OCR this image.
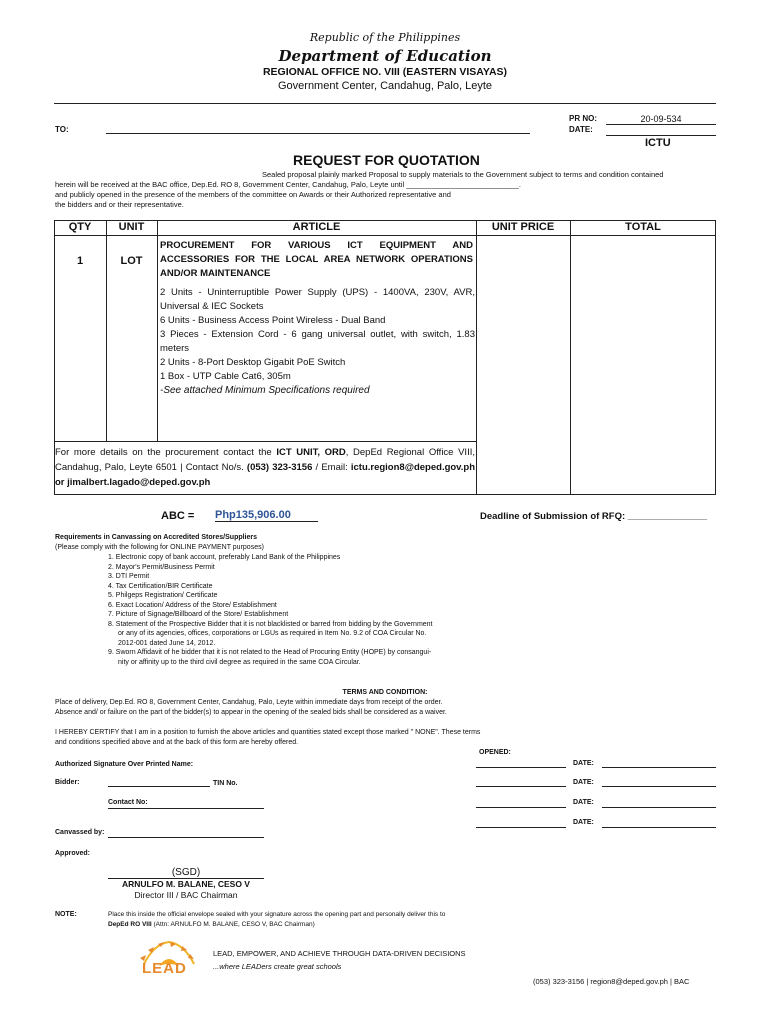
Republic of the Philippines
Department of Education
REGIONAL OFFICE NO. VIII (EASTERN VISAYAS)
Government Center, Candahug, Palo, Leyte
TO:
PR NO:	20-09-534
DATE:
ICTU
REQUEST FOR QUOTATION
Sealed proposal plainly marked Proposal to supply materials to the Government subject to terms and condition contained
herein will be received at the BAC office, Dep.Ed. RO 8, Government Center, Candahug, Palo, Leyte until ___________________________.
and publicly opened in the presence of the members of the committee on Awards or their Authorized representative and
the bidders and or their representative.
QTY	UNIT	ARTICLE	UNIT PRICE	TOTAL
1	LOT
PROCUREMENT FOR VARIOUS ICT EQUIPMENT AND ACCESSORIES FOR THE LOCAL AREA NETWORK OPERATIONS AND/OR MAINTENANCE
2 Units - Uninterruptible Power Supply (UPS) - 1400VA, 230V, AVR, Universal & IEC Sockets
6 Units - Business Access Point Wireless - Dual Band
3 Pieces - Extension Cord - 6 gang universal outlet, with switch, 1.83 meters
2 Units - 8-Port Desktop Gigabit PoE Switch
1 Box - UTP Cable Cat6, 305m
-See attached Minimum Specifications required
For more details on the procurement contact the ICT UNIT, ORD, DepEd Regional Office VIII, Candahug, Palo, Leyte 6501 | Contact No/s. (053) 323-3156 / Email: ictu.region8@deped.gov.ph or jimalbert.lagado@deped.gov.ph
ABC = Php135,906.00	Deadline of Submission of RFQ: _______________
Requirements in Canvassing on Accredited Stores/Suppliers
(Please comply with the following for ONLINE PAYMENT purposes)
1. Electronic copy of bank account, preferably Land Bank of the Philippines
2. Mayor's Permit/Business Permit
3. DTI Permit
4. Tax Certification/BIR Certificate
5. Philgeps Registration/ Certificate
6. Exact Location/ Address of the Store/ Establishment
7. Picture of Signage/Billboard of the Store/ Establishment
8. Statement of the Prospective Bidder that it is not blacklisted or barred from bidding by the Government
or any of its agencies, offices, corporations or LGUs as required in Item No. 9.2 of COA Circular No.
2012-001 dated June 14, 2012.
9. Sworn Affidavit of he bidder that it is not related to the Head of Procuring Entity (HOPE) by consangui-
nity or affinity up to the third civil degree as required in the same COA Circular.
TERMS AND CONDITION:
Place of delivery, Dep.Ed. RO 8, Government Center, Candahug, Palo, Leyte within immediate days from receipt of the order.
Absence and/ or failure on the part of the bidder(s) to appear in the opening of the sealed bids shall be considered as a waiver.
I HEREBY CERTIFY that I am in a position to furnish the above articles and quantities stated except those marked " NONE". These terms
and conditions specified above and at the back of this form are hereby offered.
OPENED:
Authorized Signature Over Printed Name:	DATE:
Bidder:	TIN No.	DATE:
Contact No:	DATE:
DATE:
Canvassed by:
Approved:
(SGD)
ARNULFO M. BALANE, CESO V
Director III / BAC Chairman
NOTE:	Place this inside the official envelope sealed with your signature across the opening part and personally deliver this to
DepEd RO VIII (Attn: ARNULFO M. BALANE, CESO V, BAC Chairman)
LEAD
LEAD, EMPOWER, AND ACHIEVE THROUGH DATA-DRIVEN DECISIONS
...where LEADers create great schools
(053) 323-3156 | region8@deped.gov.ph | BAC
